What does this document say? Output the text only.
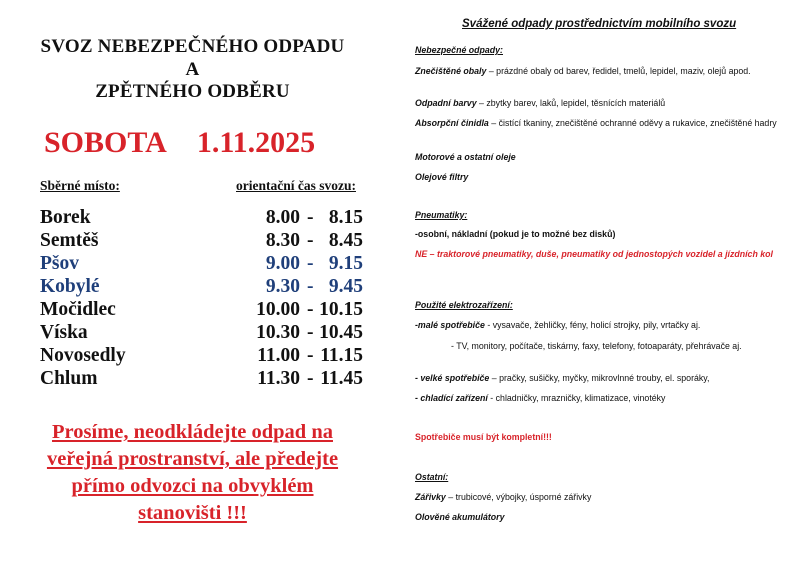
SVOZ NEBEZPEČNÉHO ODPADU
A
ZPĚTNÉHO ODBĚRU
SOBOTA 1.11.2025
Sběrné místo:	orientační čas svozu:
Borek	8.00 - 8.15
Semtěš	8.30 - 8.45
Pšov	9.00 - 9.15
Kobylé	9.30 - 9.45
Močidlec	10.00 - 10.15
Víska	10.30 - 10.45
Novosedly	11.00 - 11.15
Chlum	11.30 - 11.45
Prosíme, neodkládejte odpad na
veřejná prostranství, ale předejte
přímo odvozci na obvyklém
stanovišti !!!
Svážené odpady prostřednictvím mobilního svozu
Nebezpečné odpady:
Znečištěné obaly – prázdné obaly od barev, ředidel, tmelů, lepidel, maziv, olejů apod.
Odpadní barvy – zbytky barev, laků, lepidel, těsnících materiálů
Absorpční činidla – čistící tkaniny, znečištěné ochranné oděvy a rukavice, znečištěné hadry
Motorové a ostatní oleje
Olejové filtry
Pneumatiky:
-osobní, nákladní (pokud je to možné bez disků)
NE – traktorové pneumatiky, duše, pneumatiky od jednostopých vozidel a jízdních kol
Použité elektrozařízení:
-malé spotřebiče - vysavače, žehličky, fény, holicí strojky, pily, vrtačky aj.
- TV, monitory, počítače, tiskárny, faxy, telefony, fotoaparáty, přehrávače aj.
- velké spotřebiče – pračky, sušičky, myčky, mikrovlnné trouby, el. sporáky,
- chladící zařízení - chladničky, mrazničky, klimatizace, vinotéky
Spotřebiče musí být kompletní!!!
Ostatní:
Zářivky – trubicové, výbojky, úsporné zářivky
Olověné akumulátory
